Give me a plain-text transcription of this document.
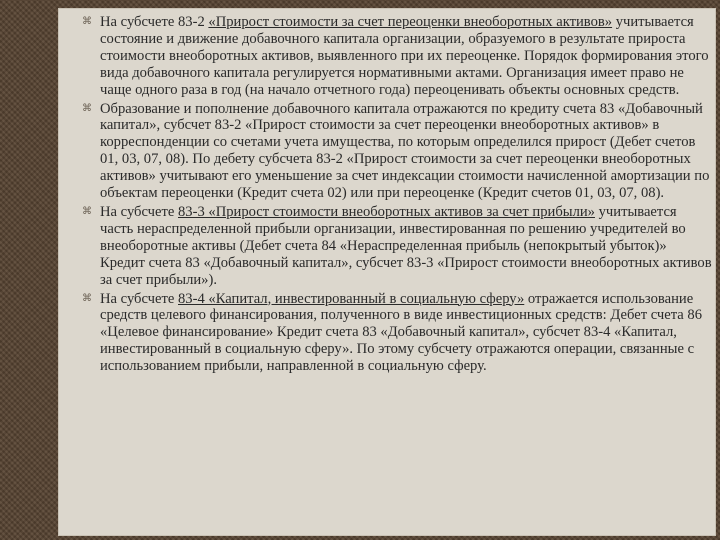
⌘ На субсчете 83-2 «Прирост стоимости за счет переоценки внеоборотных активов» учитывается состояние и движение добавочного капитала организации, образуемого в результате прироста стоимости внеоборотных активов, выявленного при их переоценке. Порядок формирования этого вида добавочного капитала регулируется нормативными актами. Организация имеет право не чаще одного раза в год (на начало отчетного года) переоценивать объекты основных средств.
⌘ Образование и пополнение добавочного капитала отражаются по кредиту счета 83 «Добавочный капитал», субсчет 83-2 «Прирост стоимости за счет переоценки внеоборотных активов» в корреспонденции со счетами учета имущества, по которым определился прирост (Дебет счетов 01, 03, 07, 08). По дебету субсчета 83-2 «Прирост стоимости за счет переоценки внеоборотных активов» учитывают его уменьшение за счет индексации стоимости начисленной амортизации по объектам переоценки (Кредит счета 02) или при переоценке (Кредит счетов 01, 03, 07, 08).
⌘ На субсчете 83-3 «Прирост стоимости внеоборотных активов за счет прибыли» учитывается часть нераспределенной прибыли организации, инвестированная по решению учредителей во внеоборотные активы (Дебет счета 84 «Нераспределенная прибыль (непокрытый убыток)» Кредит счета 83 «Добавочный капитал», субсчет 83-3 «Прирост стоимости внеоборотных активов за счет прибыли»).
⌘ На субсчете 83-4 «Капитал, инвестированный в социальную сферу» отражается использование средств целевого финансирования, полученного в виде инвестиционных средств: Дебет счета 86 «Целевое финансирование» Кредит счета 83 «Добавочный капитал», субсчет 83-4 «Капитал, инвестированный в социальную сферу». По этому субсчету отражаются операции, связанные с использованием прибыли, направленной в социальную сферу.
